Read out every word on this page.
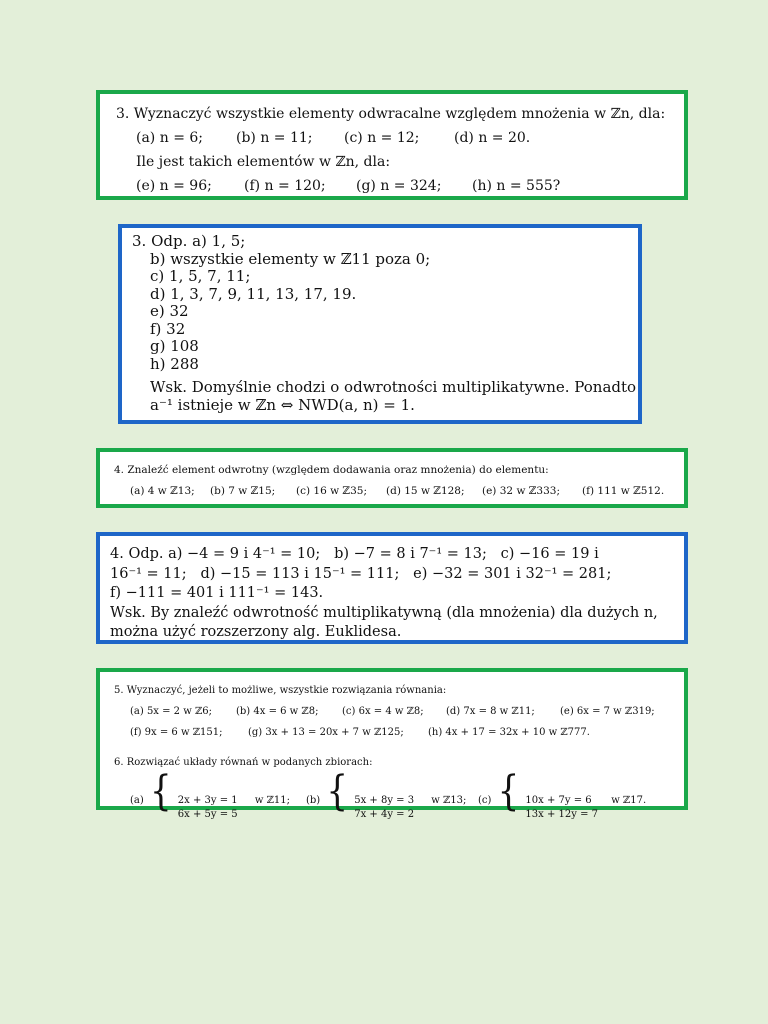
3. Wyznaczyć wszystkie elementy odwracalne względem mnożenia w ℤn, dla:
(a) n = 6;	(b) n = 11;	(c) n = 12;	(d) n = 20.
Ile jest takich elementów w ℤn, dla:
(e) n = 96;	(f) n = 120;	(g) n = 324;	(h) n = 555?
3. Odp. a) 1, 5;
b) wszystkie elementy w ℤ11 poza 0;
c) 1, 5, 7, 11;
d) 1, 3, 7, 9, 11, 13, 17, 19.
e) 32
f) 32
g) 108
h) 288
Wsk. Domyślnie chodzi o odwrotności multiplikatywne. Ponadto
a⁻¹ istnieje w ℤn ⇔ NWD(a, n) = 1.
4. Znaleźć element odwrotny (względem dodawania oraz mnożenia) do elementu:
(a) 4 w ℤ13;	(b) 7 w ℤ15;	(c) 16 w ℤ35;	(d) 15 w ℤ128;	(e) 32 w ℤ333;	(f) 111 w ℤ512.
4. Odp. a) −4 = 9 i 4⁻¹ = 10;   b) −7 = 8 i 7⁻¹ = 13;   c) −16 = 19 i
16⁻¹ = 11;   d) −15 = 113 i 15⁻¹ = 111;   e) −32 = 301 i 32⁻¹ = 281;
f) −111 = 401 i 111⁻¹ = 143.
Wsk. By znaleźć odwrotność multiplikatywną (dla mnożenia) dla dużych n,
można użyć rozszerzony alg. Euklidesa.
5. Wyznaczyć, jeżeli to możliwe, wszystkie rozwiązania równania:
(a) 5x = 2 w ℤ6;	(b) 4x = 6 w ℤ8;	(c) 6x = 4 w ℤ8;	(d) 7x = 8 w ℤ11;	(e) 6x = 7 w ℤ319;
(f) 9x = 6 w ℤ151;	(g) 3x + 13 = 20x + 7 w ℤ125;	(h) 4x + 17 = 32x + 10 w ℤ777.
6. Rozwiązać układy równań w podanych zbiorach:
(a) { 2x + 3y = 1
6x + 5y = 5
w ℤ11;	(b) { 5x + 8y = 3
7x + 4y = 2
w ℤ13;	(c) { 10x + 7y = 6
13x + 12y = 7
w ℤ17.
